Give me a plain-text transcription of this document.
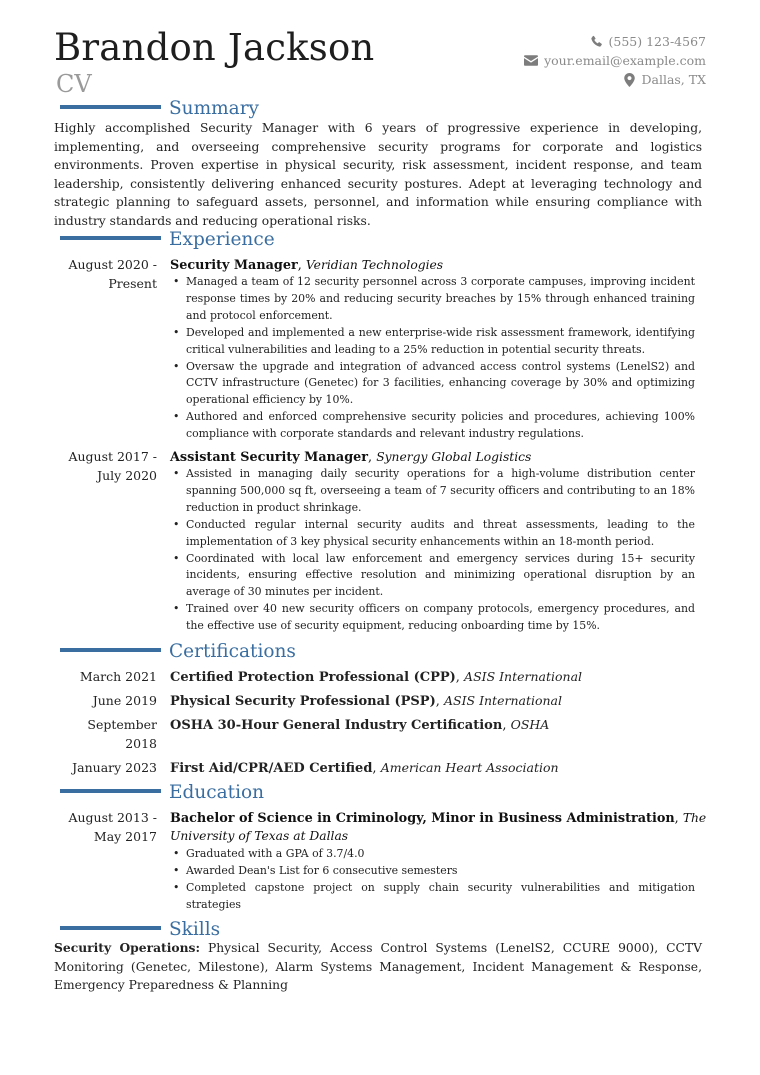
Brandon Jackson
CV
(555) 123-4567
your.email@example.com
Dallas, TX
Summary
Highly accomplished Security Manager with 6 years of progressive experience in developing, implementing, and overseeing comprehensive security programs for corporate and logistics environments. Proven expertise in physical security, risk assessment, incident response, and team leadership, consistently delivering enhanced security postures. Adept at leveraging technology and strategic planning to safeguard assets, personnel, and information while ensuring compliance with industry standards and reducing operational risks.
Experience
August 2020 -
Present
Security Manager, Veridian Technologies
• Managed a team of 12 security personnel across 3 corporate campuses, improving incident response times by 20% and reducing security breaches by 15% through enhanced training and protocol enforcement.
• Developed and implemented a new enterprise-wide risk assessment framework, identifying critical vulnerabilities and leading to a 25% reduction in potential security threats.
• Oversaw the upgrade and integration of advanced access control systems (LenelS2) and CCTV infrastructure (Genetec) for 3 facilities, enhancing coverage by 30% and optimizing operational efficiency by 10%.
• Authored and enforced comprehensive security policies and procedures, achieving 100% compliance with corporate standards and relevant industry regulations.
August 2017 -
July 2020
Assistant Security Manager, Synergy Global Logistics
• Assisted in managing daily security operations for a high-volume distribution center spanning 500,000 sq ft, overseeing a team of 7 security officers and contributing to an 18% reduction in product shrinkage.
• Conducted regular internal security audits and threat assessments, leading to the implementation of 3 key physical security enhancements within an 18-month period.
• Coordinated with local law enforcement and emergency services during 15+ security incidents, ensuring effective resolution and minimizing operational disruption by an average of 30 minutes per incident.
• Trained over 40 new security officers on company protocols, emergency procedures, and the effective use of security equipment, reducing onboarding time by 15%.
Certifications
March 2021 Certified Protection Professional (CPP), ASIS International
June 2019 Physical Security Professional (PSP), ASIS International
September
2018
OSHA 30-Hour General Industry Certification, OSHA
January 2023 First Aid/CPR/AED Certified, American Heart Association
Education
August 2013 -
May 2017
Bachelor of Science in Criminology, Minor in Business Administration, The
University of Texas at Dallas
• Graduated with a GPA of 3.7/4.0
• Awarded Dean's List for 6 consecutive semesters
• Completed capstone project on supply chain security vulnerabilities and mitigation strategies
Skills
Security Operations: Physical Security, Access Control Systems (LenelS2, CCURE 9000), CCTV Monitoring (Genetec, Milestone), Alarm Systems Management, Incident Management & Response, Emergency Preparedness & Planning
